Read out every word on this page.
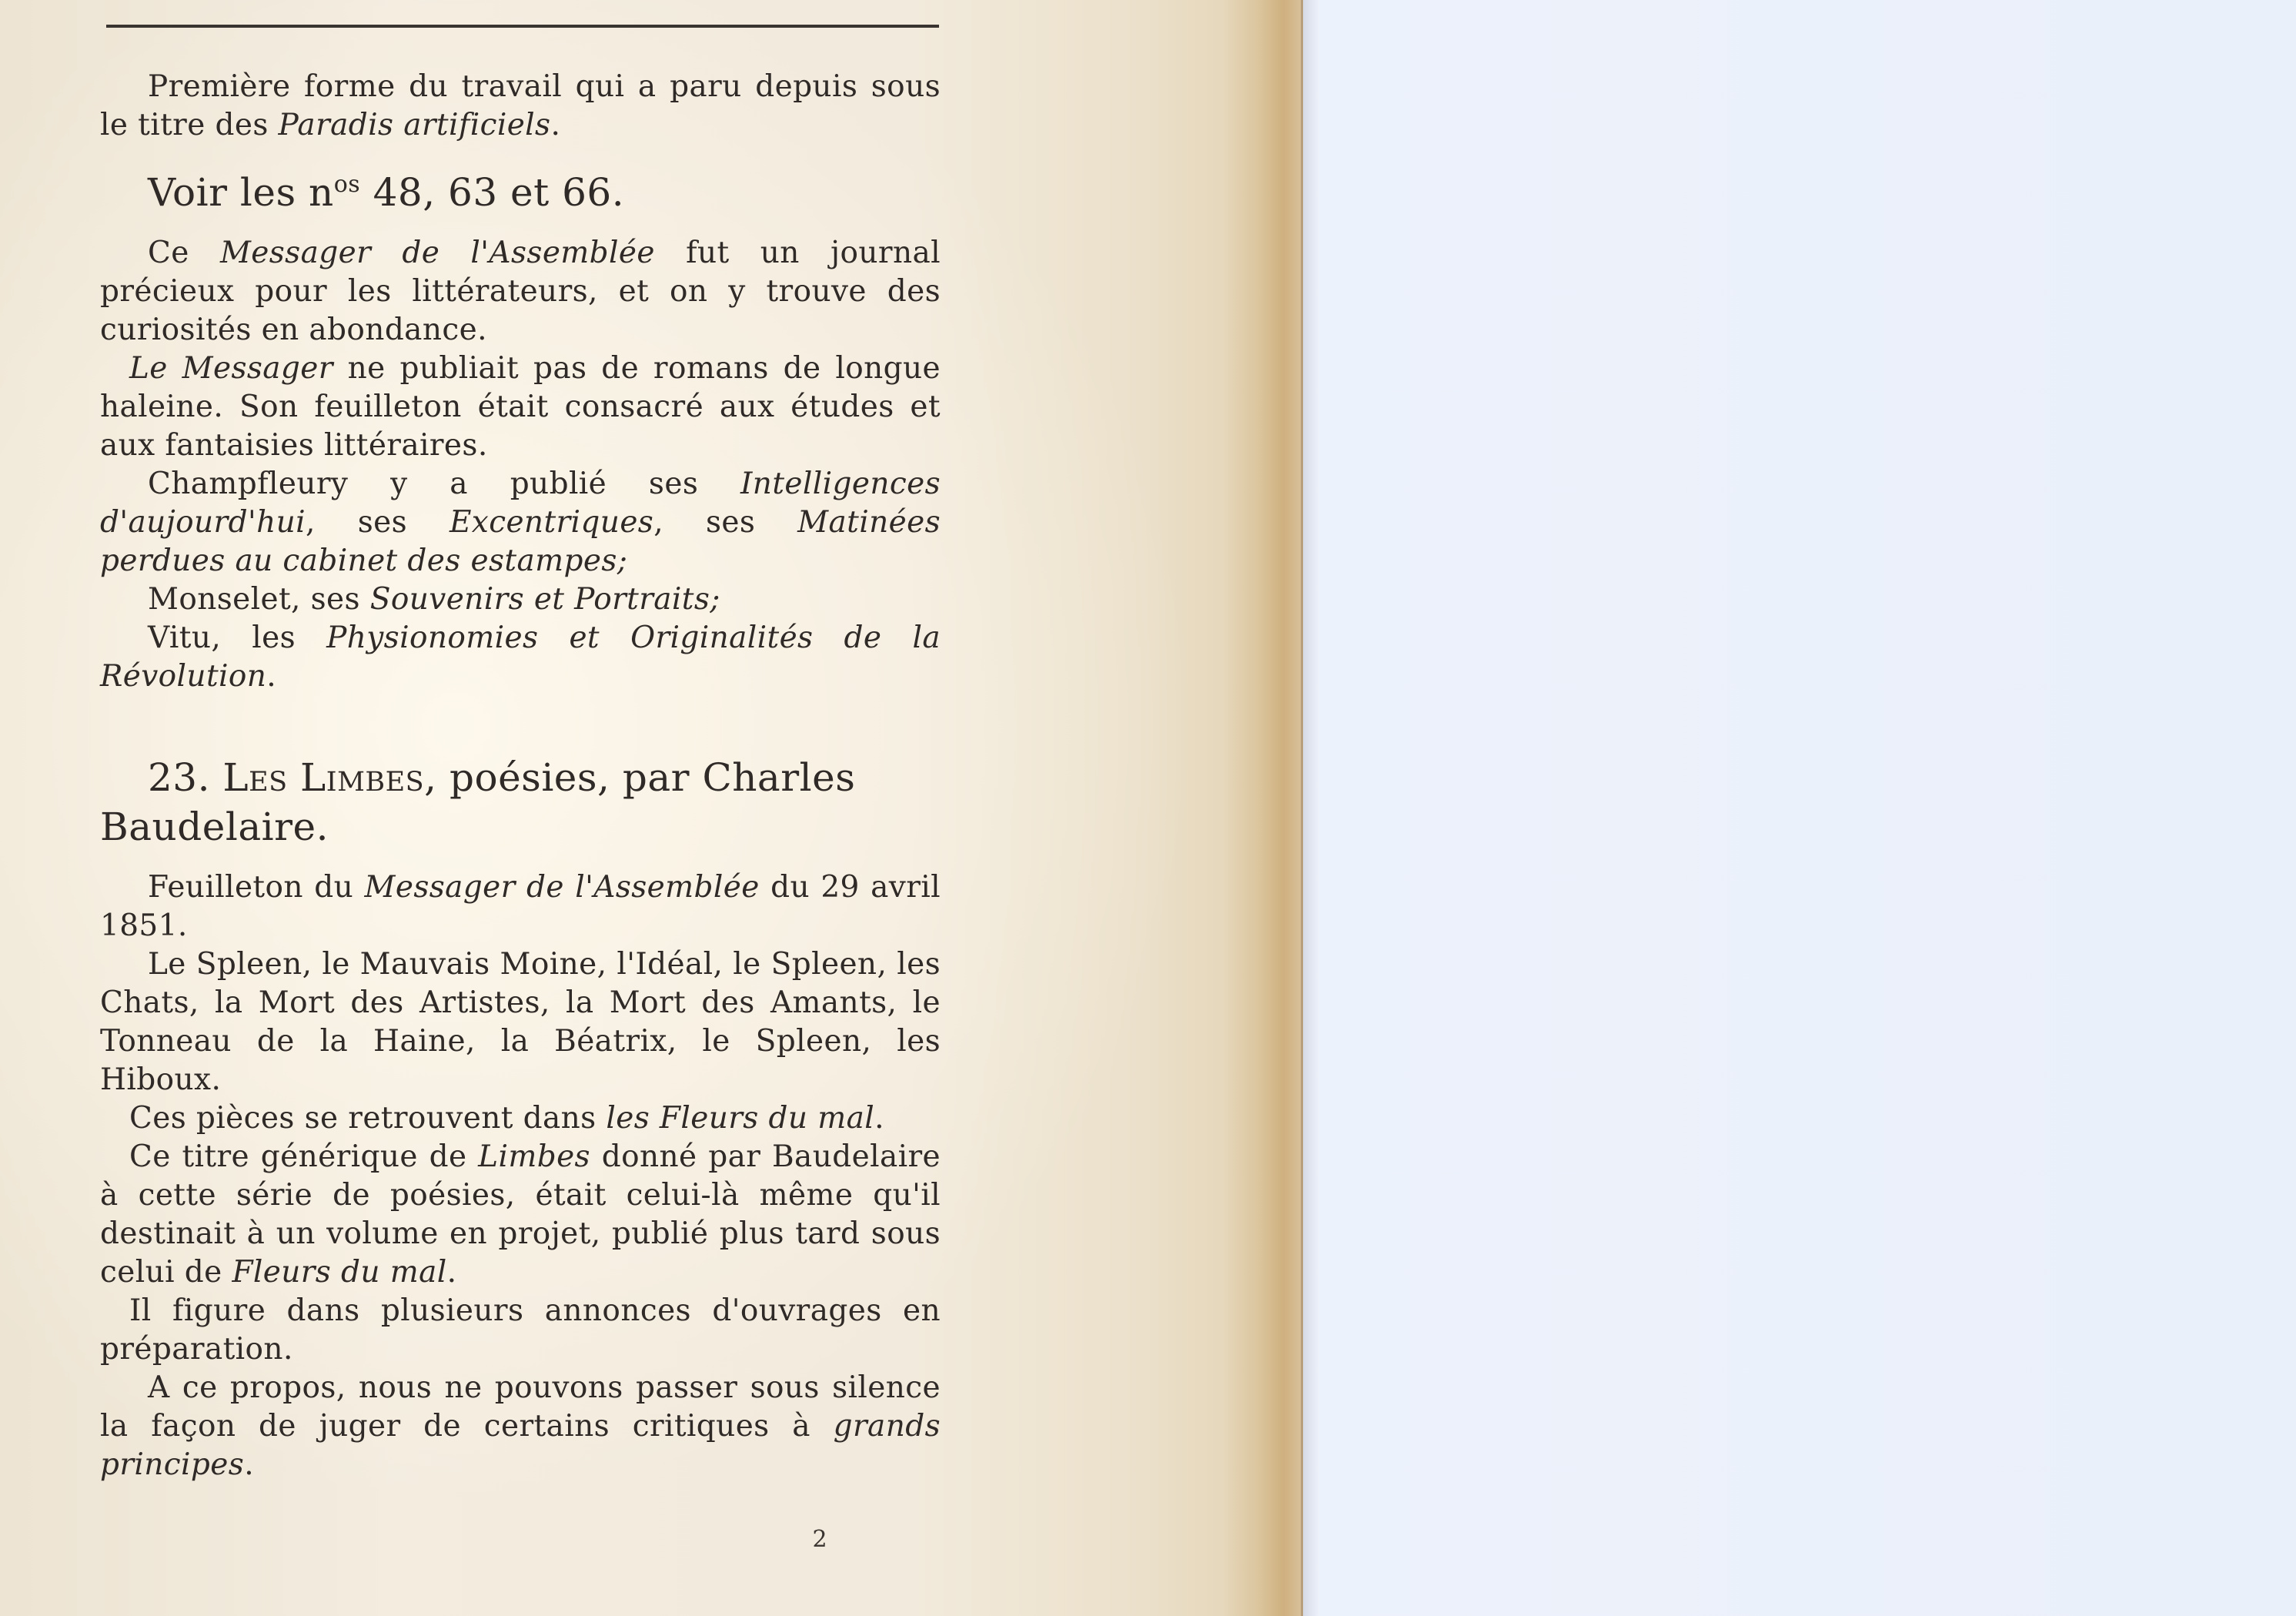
Première forme du travail qui a paru depuis sous le titre des Paradis artificiels.

Voir les $n^{os}$ 48, 63 et 66.

Ce Messager de l'Assemblée fut un journal précieux pour les littérateurs, et on y trouve des curiosités en abondance.

Le Messager ne publiait pas de romans de longue haleine. Son feuilleton était consacré aux études et aux fantaisies littéraires.

Champfleury y a publié ses Intelligences d'aujourd'hui, ses Excentriques, ses Matinées perdues au cabinet des estampes;

Monselet, ses Souvenirs et Portraits;

Vitu, les Physionomies et Originalités de la Révolution.

23. Les Limbes, poésies, par Charles Baudelaire.

Feuilleton du Messager de l'Assemblée du 29 avril 1851.

Le Spleen, le Mauvais Moine, l'Idéal, le Spleen, les Chats, la Mort des Artistes, la Mort des Amants, le Tonneau de la Haine, la Béatrix, le Spleen, les Hiboux.

Ces pièces se retrouvent dans les Fleurs du mal.

Ce titre générique de Limbes donné par Baudelaire à cette série de poésies, était celui-là même qu'il destinait à un volume en projet, publié plus tard sous celui de Fleurs du mal.

Il figure dans plusieurs annonces d'ouvrages en préparation.

A ce propos, nous ne pouvons passer sous silence la façon de juger de certains critiques à grands principes.

2
